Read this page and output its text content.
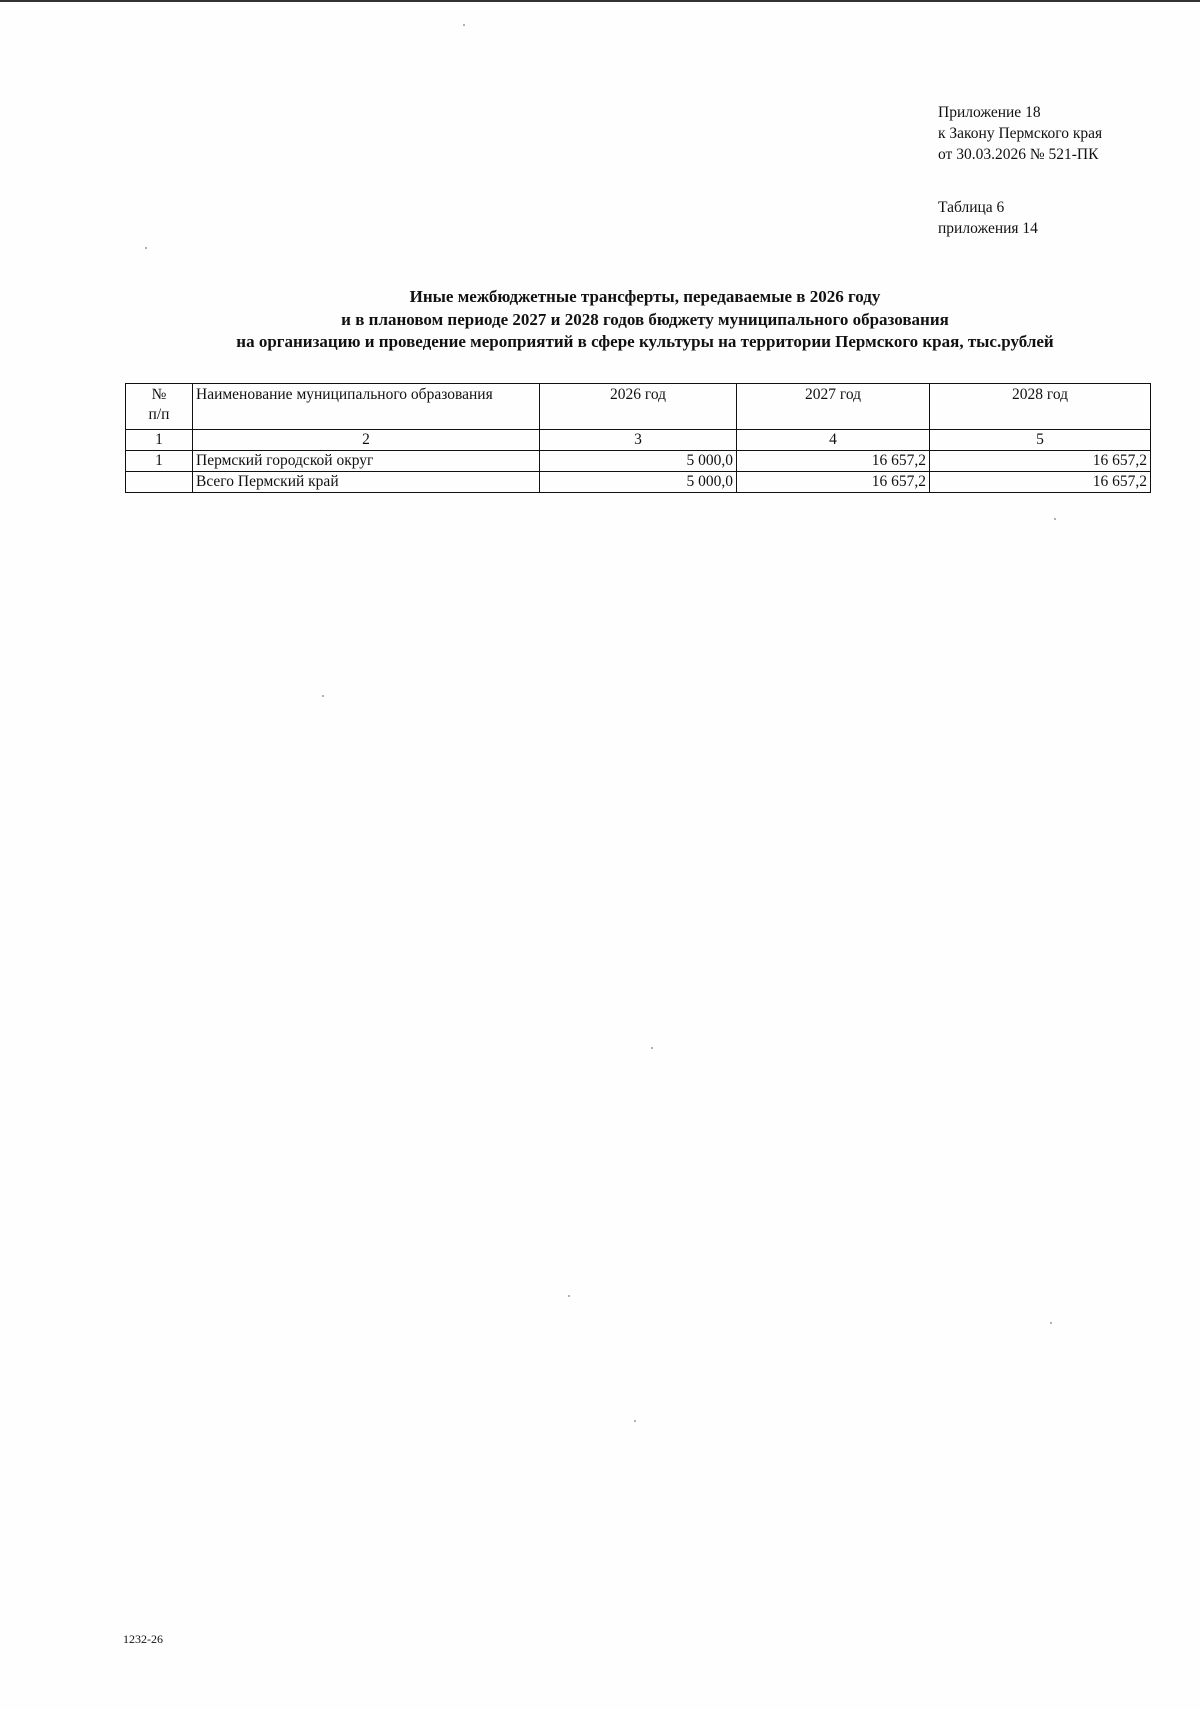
Приложение 18
к Закону Пермского края
от 30.03.2026 № 521-ПК
Таблица 6
приложения 14
Иные межбюджетные трансферты, передаваемые в 2026 году
и в плановом периоде 2027 и 2028 годов бюджету муниципального образования
на организацию и проведение мероприятий в сфере культуры на территории Пермского края, тыс.рублей
№
п/п	Наименование муниципального образования	2026 год	2027 год	2028 год
1	2	3	4	5
1	Пермский городской округ	5 000,0	16 657,2	16 657,2
	Всего Пермский край	5 000,0	16 657,2	16 657,2
1232-26
